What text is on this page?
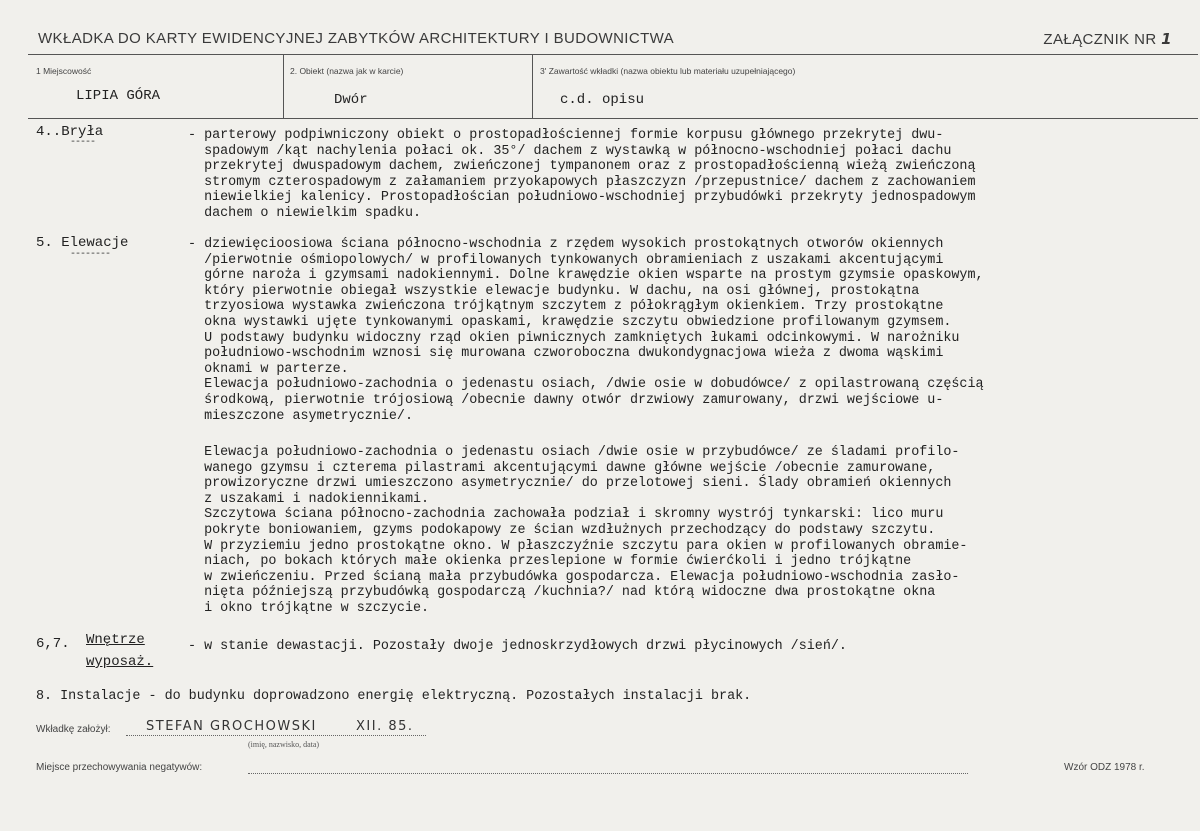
WKŁADKA DO KARTY EWIDENCYJNEJ ZABYTKÓW ARCHITEKTURY I BUDOWNICTWA	ZAŁĄCZNIK NR 1
1 Miejscowość
LIPIA GÓRA
2. Obiekt (nazwa jak w karcie)
Dwór
3' Zawartość wkładki (nazwa obiektu lub materiału uzupełniającego)
c.d. opisu
4..Bryła
-----	- parterowy podpiwniczony obiekt o prostopadłościennej formie korpusu głównego przekrytej dwu-
spadowym /kąt nachylenia połaci ok. 35°/ dachem z wystawką w północno-wschodniej połaci dachu
przekrytej dwuspadowym dachem, zwieńczonej tympanonem oraz z prostopadłościenną wieżą zwieńczoną
stromym czterospadowym z załamaniem przyokapowych płaszczyzn /przepustnice/ dachem z zachowaniem
niewielkiej kalenicy. Prostopadłościan południowo-wschodniej przybudówki przekryty jednospadowym
dachem o niewielkim spadku.
5. Elewacje
--------
- dziewięcioosiowa ściana północno-wschodnia z rzędem wysokich prostokątnych otworów okiennych
/pierwotnie ośmiopolowych/ w profilowanych tynkowanych obramieniach z uszakami akcentującymi
górne naroża i gzymsami nadokiennymi. Dolne krawędzie okien wsparte na prostym gzymsie opaskowym,
który pierwotnie obiegał wszystkie elewacje budynku. W dachu, na osi głównej, prostokątna
trzyosiowa wystawka zwieńczona trójkątnym szczytem z półokrągłym okienkiem. Trzy prostokątne
okna wystawki ujęte tynkowanymi opaskami, krawędzie szczytu obwiedzione profilowanym gzymsem.
U podstawy budynku widoczny rząd okien piwnicznych zamkniętych łukami odcinkowymi. W narożniku
południowo-wschodnim wznosi się murowana czworoboczna dwukondygnacjowa wieża z dwoma wąskimi
oknami w parterze.
Elewacja południowo-zachodnia o jedenastu osiach, /dwie osie w dobudówce/ z opilastrowaną częścią
środkową, pierwotnie trójosiową /obecnie dawny otwór drzwiowy zamurowany, drzwi wejściowe u-
mieszczone asymetrycznie/.
Elewacja południowo-zachodnia o jedenastu osiach /dwie osie w przybudówce/ ze śladami profilo-
wanego gzymsu i czterema pilastrami akcentującymi dawne główne wejście /obecnie zamurowane,
prowizoryczne drzwi umieszczono asymetrycznie/ do przelotowej sieni. Ślady obramień okiennych
z uszakami i nadokiennikami.
Szczytowa ściana północno-zachodnia zachowała podział i skromny wystrój tynkarski: lico muru
pokryte boniowaniem, gzyms podokapowy ze ścian wzdłużnych przechodzący do podstawy szczytu.
W przyziemiu jedno prostokątne okno. W płaszczyźnie szczytu para okien w profilowanych obramie-
niach, po bokach których małe okienka przeslepione w formie ćwierćkoli i jedno trójkątne
w zwieńczeniu. Przed ścianą mała przybudówka gospodarcza. Elewacja południowo-wschodnia zasło-
nięta późniejszą przybudówką gospodarczą /kuchnia?/ nad którą widoczne dwa prostokątne okna
i okno trójkątne w szczycie.
6,7. Wnętrze
wyposaż.
- w stanie dewastacji. Pozostały dwoje jednoskrzydłowych drzwi płycinowych /sień/.
8. Instalacje - do budynku doprowadzono energię elektryczną. Pozostałych instalacji brak.
Wkładkę założył:	STEFAN GROCHOWSKI	XII. 85.
(imię, nazwisko, data)
Miejsce przechowywania negatywów:	Wzór ODZ 1978 r.
